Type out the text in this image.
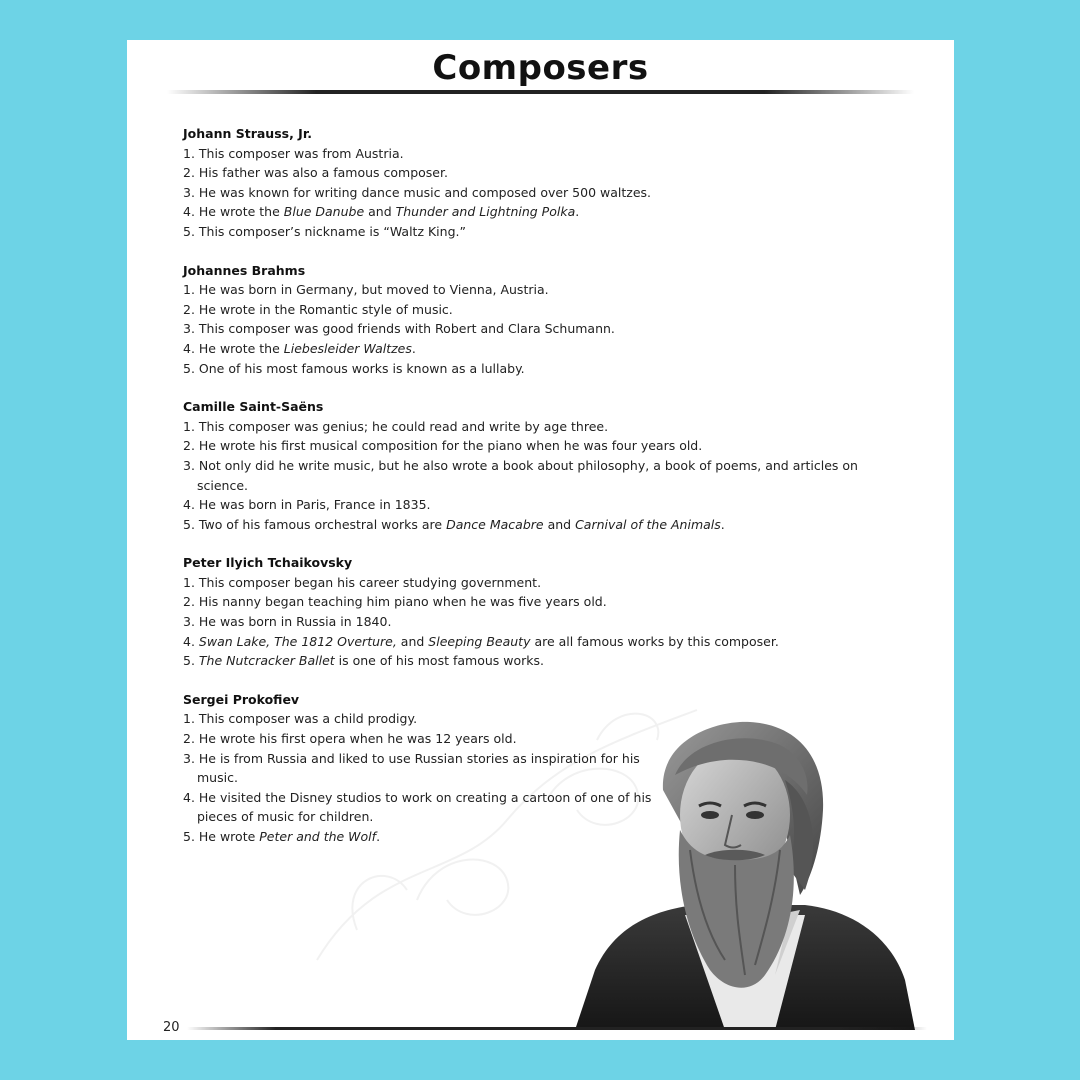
Composers
Johann Strauss, Jr.
1. This composer was from Austria.
2. His father was also a famous composer.
3. He was known for writing dance music and composed over 500 waltzes.
4. He wrote the Blue Danube and Thunder and Lightning Polka.
5. This composer’s nickname is “Waltz King.”
Johannes Brahms
1. He was born in Germany, but moved to Vienna, Austria.
2. He wrote in the Romantic style of music.
3. This composer was good friends with Robert and Clara Schumann.
4. He wrote the Liebesleider Waltzes.
5. One of his most famous works is known as a lullaby.
Camille Saint-Saëns
1. This composer was genius; he could read and write by age three.
2. He wrote his first musical composition for the piano when he was four years old.
3. Not only did he write music, but he also wrote a book about philosophy, a book of poems, and articles on science.
4. He was born in Paris, France in 1835.
5. Two of his famous orchestral works are Dance Macabre and Carnival of the Animals.
Peter Ilyich Tchaikovsky
1. This composer began his career studying government.
2. His nanny began teaching him piano when he was five years old.
3. He was born in Russia in 1840.
4. Swan Lake, The 1812 Overture, and Sleeping Beauty are all famous works by this composer.
5. The Nutcracker Ballet is one of his most famous works.
Sergei Prokofiev
1. This composer was a child prodigy.
2. He wrote his first opera when he was 12 years old.
3. He is from Russia and liked to use Russian stories as inspiration for his music.
4. He visited the Disney studios to work on creating a cartoon of one of his pieces of music for children.
5. He wrote Peter and the Wolf.
20
